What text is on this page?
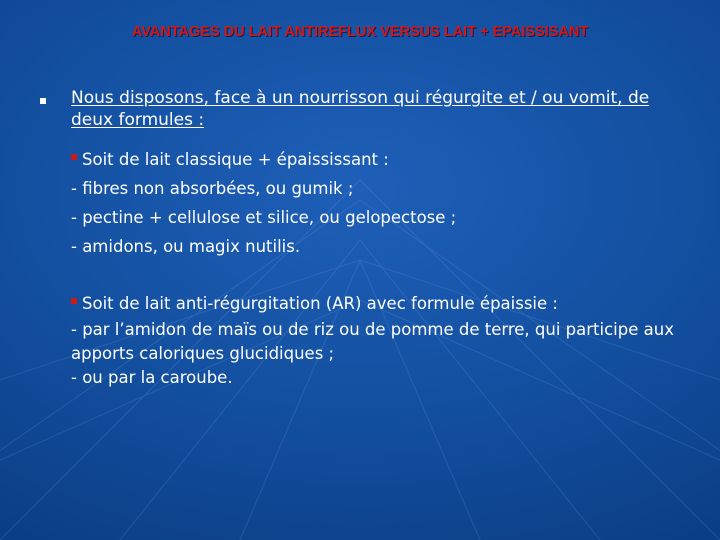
AVANTAGES DU LAIT ANTIREFLUX VERSUS LAIT + EPAISSISANT
Nous disposons, face à un nourrisson qui régurgite et / ou vomit, de deux formules :
Soit de lait classique + épaississant :
- fibres non absorbées, ou gumik ;
- pectine + cellulose et silice, ou gelopectose ;
- amidons, ou magix nutilis.
Soit de lait anti-régurgitation (AR) avec formule épaissie :
- par l’amidon de maïs ou de riz ou de pomme de terre, qui participe aux apports caloriques glucidiques ;
- ou par la caroube.
